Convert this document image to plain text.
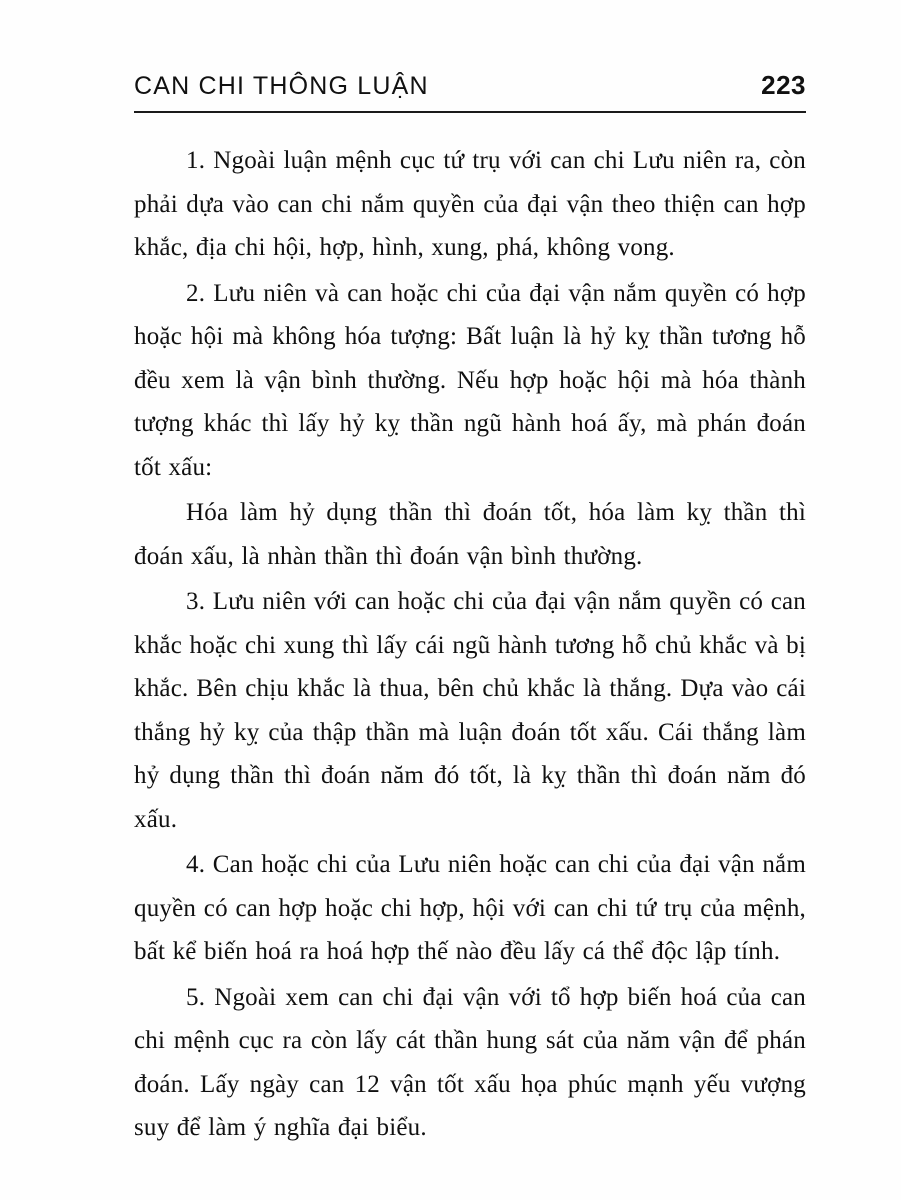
CAN CHI THÔNG LUẬN	223

1. Ngoài luận mệnh cục tứ trụ với can chi Lưu niên ra, còn phải dựa vào can chi nắm quyền của đại vận theo thiện can hợp khắc, địa chi hội, hợp, hình, xung, phá, không vong.

2. Lưu niên và can hoặc chi của đại vận nắm quyền có hợp hoặc hội mà không hóa tượng: Bất luận là hỷ kỵ thần tương hỗ đều xem là vận bình thường. Nếu hợp hoặc hội mà hóa thành tượng khác thì lấy hỷ kỵ thần ngũ hành hoá ấy, mà phán đoán tốt xấu:

Hóa làm hỷ dụng thần thì đoán tốt, hóa làm kỵ thần thì đoán xấu, là nhàn thần thì đoán vận bình thường.

3. Lưu niên với can hoặc chi của đại vận nắm quyền có can khắc hoặc chi xung thì lấy cái ngũ hành tương hỗ chủ khắc và bị khắc. Bên chịu khắc là thua, bên chủ khắc là thắng. Dựa vào cái thắng hỷ kỵ của thập thần mà luận đoán tốt xấu. Cái thắng làm hỷ dụng thần thì đoán năm đó tốt, là kỵ thần thì đoán năm đó xấu.

4. Can hoặc chi của Lưu niên hoặc can chi của đại vận nắm quyền có can hợp hoặc chi hợp, hội với can chi tứ trụ của mệnh, bất kể biến hoá ra hoá hợp thế nào đều lấy cá thể độc lập tính.

5. Ngoài xem can chi đại vận với tổ hợp biến hoá của can chi mệnh cục ra còn lấy cát thần hung sát của năm vận để phán đoán. Lấy ngày can 12 vận tốt xấu họa phúc mạnh yếu vượng suy để làm ý nghĩa đại biểu.
